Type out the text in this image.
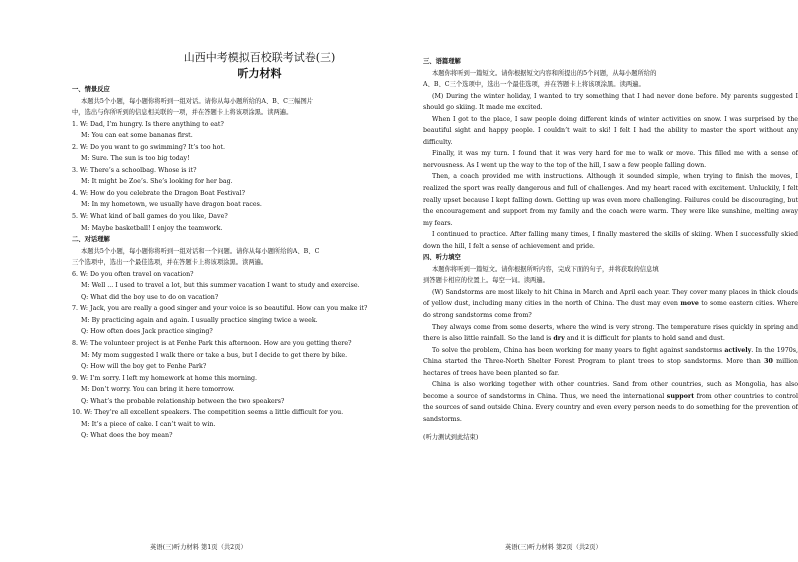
山西中考模拟百校联考试卷(三)
听力材料
一、情景反应
本题共5个小题，每小题你将听到一组对话。请你从每小题所给的A、B、C三幅图片
中，选出与你所听到的信息相关联的一项，并在答题卡上将该项涂黑。读两遍。
1. W: Dad, I’m hungry. Is there anything to eat?
M: You can eat some bananas first.
2. W: Do you want to go swimming? It’s too hot.
M: Sure. The sun is too big today!
3. W: There’s a schoolbag. Whose is it?
M: It might be Zoe’s. She’s looking for her bag.
4. W: How do you celebrate the Dragon Boat Festival?
M: In my hometown, we usually have dragon boat races.
5. W: What kind of ball games do you like, Dave?
M: Maybe basketball! I enjoy the teamwork.
二、对话理解
本题共5个小题，每小题你将听到一组对话和一个问题。请你从每小题所给的A、B、C
三个选项中，选出一个最佳选项，并在答题卡上将该项涂黑。读两遍。
6. W: Do you often travel on vacation?
M: Well ... I used to travel a lot, but this summer vacation I want to study and exercise.
Q: What did the boy use to do on vacation?
7. W: Jack, you are really a good singer and your voice is so beautiful. How can you make it?
M: By practicing again and again. I usually practice singing twice a week.
Q: How often does Jack practice singing?
8. W: The volunteer project is at Fenhe Park this afternoon. How are you getting there?
M: My mom suggested I walk there or take a bus, but I decide to get there by bike.
Q: How will the boy get to Fenhe Park?
9. W: I’m sorry. I left my homework at home this morning.
M: Don’t worry. You can bring it here tomorrow.
Q: What’s the probable relationship between the two speakers?
10. W: They’re all excellent speakers. The competition seems a little difficult for you.
M: It’s a piece of cake. I can’t wait to win.
Q: What does the boy mean?
英语(三)听力材料 第1页（共2页）
三、语篇理解
本题你将听到一篇短文。请你根据短文内容和所提出的5个问题，从每小题所给的
A、B、C三个选项中，选出一个最佳选项，并在答题卡上将该项涂黑。读两遍。

(M) During the winter holiday, I wanted to try something that I had never done before. My parents suggested I should go skiing. It made me excited.

When I got to the place, I saw people doing different kinds of winter activities on snow. I was surprised by the beautiful sight and happy people. I couldn’t wait to ski! I felt I had the ability to master the sport without any difficulty.

Finally, it was my turn. I found that it was very hard for me to walk or move. This filled me with a sense of nervousness. As I went up the way to the top of the hill, I saw a few people falling down.

Then, a coach provided me with instructions. Although it sounded simple, when trying to finish the moves, I realized the sport was really dangerous and full of challenges. And my heart raced with excitement. Unluckily, I felt really upset because I kept falling down. Getting up was even more challenging. Failures could be discouraging, but the encouragement and support from my family and the coach were warm. They were like sunshine, melting away my fears.

I continued to practice. After falling many times, I finally mastered the skills of skiing. When I successfully skied down the hill, I felt a sense of achievement and pride.

四、听力填空
本题你将听到一篇短文。请你根据所听内容，完成下面的句子，并将获取的信息填
到答题卡相应的位置上。每空一词。读两遍。

(W) Sandstorms are most likely to hit China in March and April each year. They cover many places in thick clouds of yellow dust, including many cities in the north of China. The dust may even move to some eastern cities. Where do strong sandstorms come from?

They always come from some deserts, where the wind is very strong. The temperature rises quickly in spring and there is also little rainfall. So the land is dry and it is difficult for plants to hold sand and dust.

To solve the problem, China has been working for many years to fight against sandstorms actively. In the 1970s, China started the Three-North Shelter Forest Program to plant trees to stop sandstorms. More than 30 million hectares of trees have been planted so far.

China is also working together with other countries. Sand from other countries, such as Mongolia, has also become a source of sandstorms in China. Thus, we need the international support from other countries to control the sources of sand outside China. Every country and even every person needs to do something for the prevention of sandstorms.

(听力测试到此结束)
英语(三)听力材料 第2页（共2页）
